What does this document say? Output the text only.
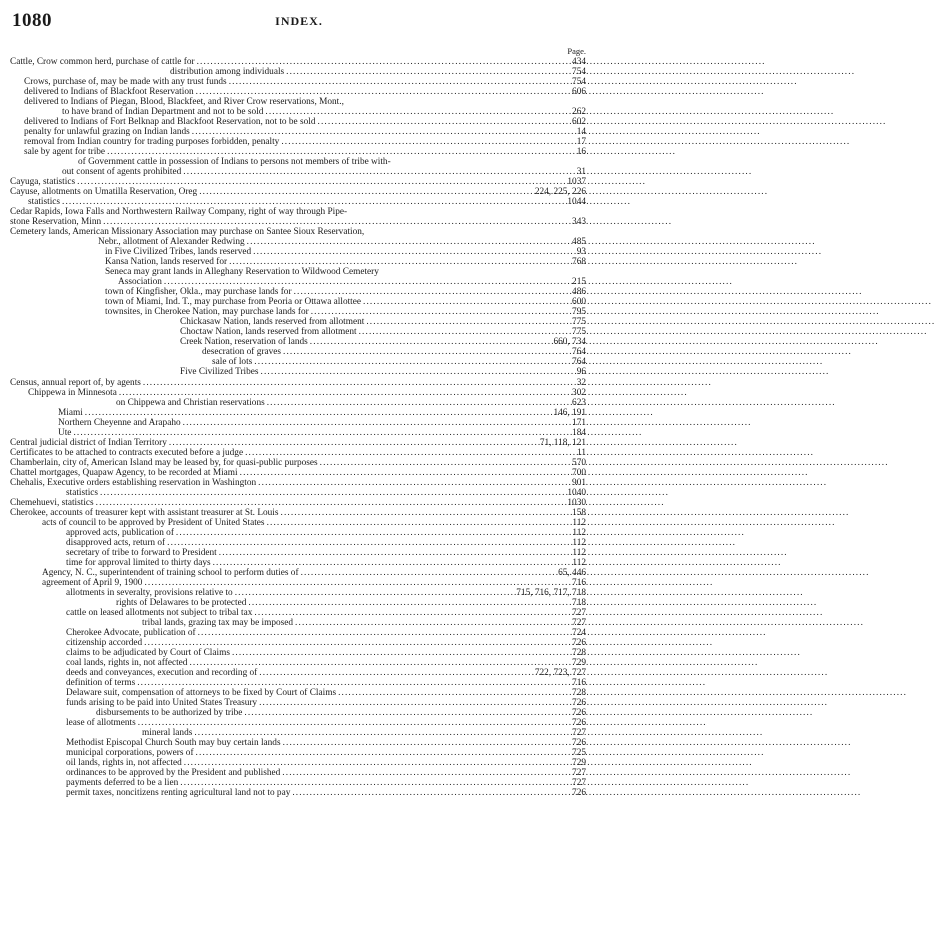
1080	INDEX.
Page.
Cattle, Crow common herd, purchase of cattle for . . .	434
distribution among individuals . . .	754
Crows, purchase of, may be made with any trust funds . . .	754
delivered to Indians of Blackfoot Reservation . . .	606
delivered to Indians of Piegan, Blood, Blackfeet, and River Crow reservations, Mont.,
to have brand of Indian Department and not to be sold . . .	262
delivered to Indians of Fort Belknap and Blackfoot Reservation, not to be sold . . .	602
penalty for unlawful grazing on Indian lands . . .	14
removal from Indian country for trading purposes forbidden, penalty . . .	17
sale by agent for tribe . . .	16
of Government cattle in possession of Indians to persons not members of tribe with-
out consent of agents prohibited . . .	31
Cayuga, statistics . . .	1037
Cayuse, allotments on Umatilla Reservation, Oreg . . .	224, 225, 226
statistics . . .	1044
Cedar Rapids, Iowa Falls and Northwestern Railway Company, right of way through Pipe-
stone Reservation, Minn . . .	343
Cemetery lands, American Missionary Association may purchase on Santee Sioux Reservation,
Nebr., allotment of Alexander Redwing . . .	485
in Five Civilized Tribes, lands reserved . . .	93
Kansa Nation, lands reserved for . . .	768
Seneca may grant lands in Alleghany Reservation to Wildwood Cemetery
Association . . .	215
town of Kingfisher, Okla., may purchase lands for . . .	486
town of Miami, Ind. T., may purchase from Peoria or Ottawa allottee . . .	600
townsites, in Cherokee Nation, may purchase lands for . . .	795
Chickasaw Nation, lands reserved from allotment . . .	775
Choctaw Nation, lands reserved from allotment . . .	775
Creek Nation, reservation of lands . . .	660, 734
desecration of graves . . .	764
sale of lots . . .	764
Five Civilized Tribes . . .	96
Census, annual report of, by agents . . .	32
Chippewa in Minnesota . . .	302
on Chippewa and Christian reservations . . .	623
Miami . . .	146, 191
Northern Cheyenne and Arapaho . . .	171
Ute . . .	184
Central judicial district of Indian Territory . . .	71, 118, 121
Certificates to be attached to contracts executed before a judge . . .	11
Chamberlain, city of, American Island may be leased by, for quasi-public purposes . . .	570
Chattel mortgages, Quapaw Agency, to be recorded at Miami . . .	700
Chehalis, Executive orders establishing reservation in Washington . . .	901
statistics . . .	1040
Chemehuevi, statistics . . .	1030
Cherokee, accounts of treasurer kept with assistant treasurer at St. Louis . . .	158
acts of council to be approved by President of United States . . .	112
approved acts, publication of . . .	112
disapproved acts, return of . . .	112
secretary of tribe to forward to President . . .	112
time for approval limited to thirty days . . .	112
Agency, N. C., superintendent of training school to perform duties of . . .	65, 446
agreement of April 9, 1900 . . .	716
allotments in severalty, provisions relative to . . .	715, 716, 717, 718
rights of Delawares to be protected . . .	718
cattle on leased allotments not subject to tribal tax . . .	727
tribal lands, grazing tax may be imposed . . .	727
Cherokee Advocate, publication of . . .	724
citizenship accorded . . .	726
claims to be adjudicated by Court of Claims . . .	728
coal lands, rights in, not affected . . .	729
deeds and conveyances, execution and recording of . . .	722, 723, 727
definition of terms . . .	716
Delaware suit, compensation of attorneys to be fixed by Court of Claims . . .	728
funds arising to be paid into United States Treasury . . .	726
disbursements to be authorized by tribe . . .	726
lease of allotments . . .	726
mineral lands . . .	727
Methodist Episcopal Church South may buy certain lands . . .	726
municipal corporations, powers of . . .	725
oil lands, rights in, not affected . . .	729
ordinances to be approved by the President and published . . .	727
payments deferred to be a lien . . .	727
permit taxes, noncitizens renting agricultural land not to pay . . .	726
